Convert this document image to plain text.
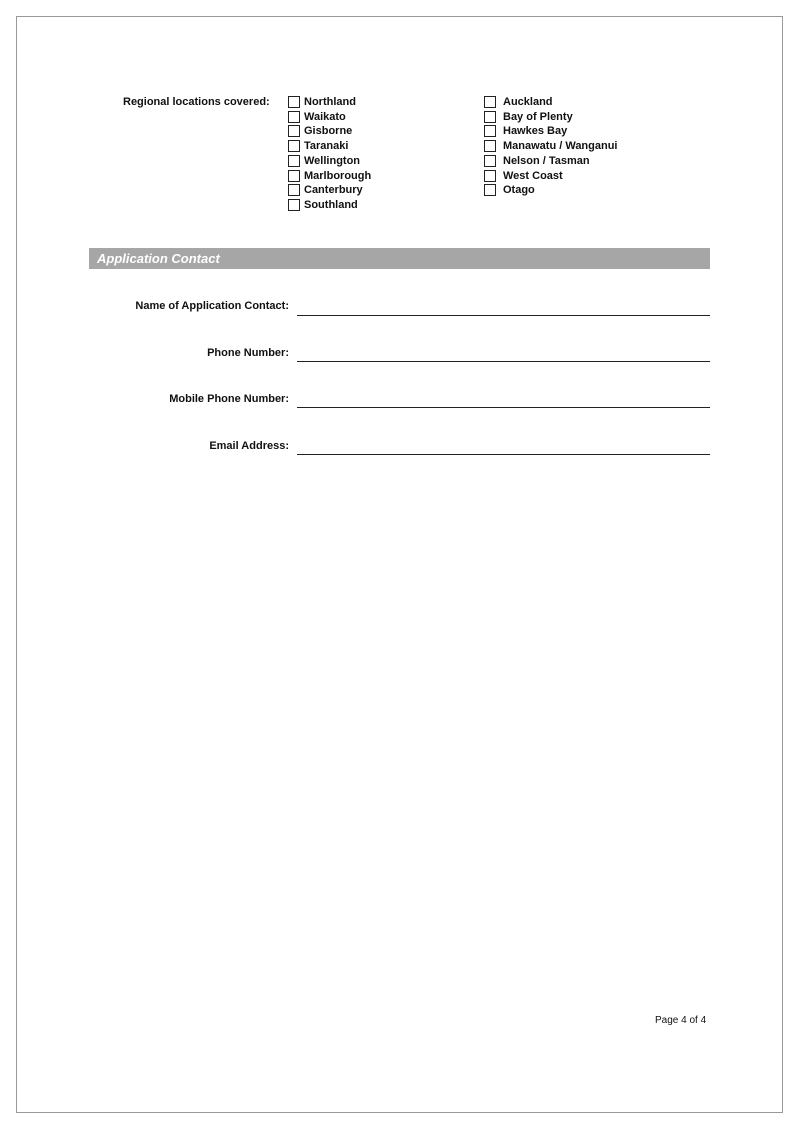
Regional locations covered:	Northland
Waikato
Gisborne
Taranaki
Wellington
Marlborough
Canterbury
Southland
Auckland
Bay of Plenty
Hawkes Bay
Manawatu / Wanganui
Nelson / Tasman
West Coast
Otago
Application Contact
Name of Application Contact:
Phone Number:
Mobile Phone Number:
Email Address:
Page 4 of 4
